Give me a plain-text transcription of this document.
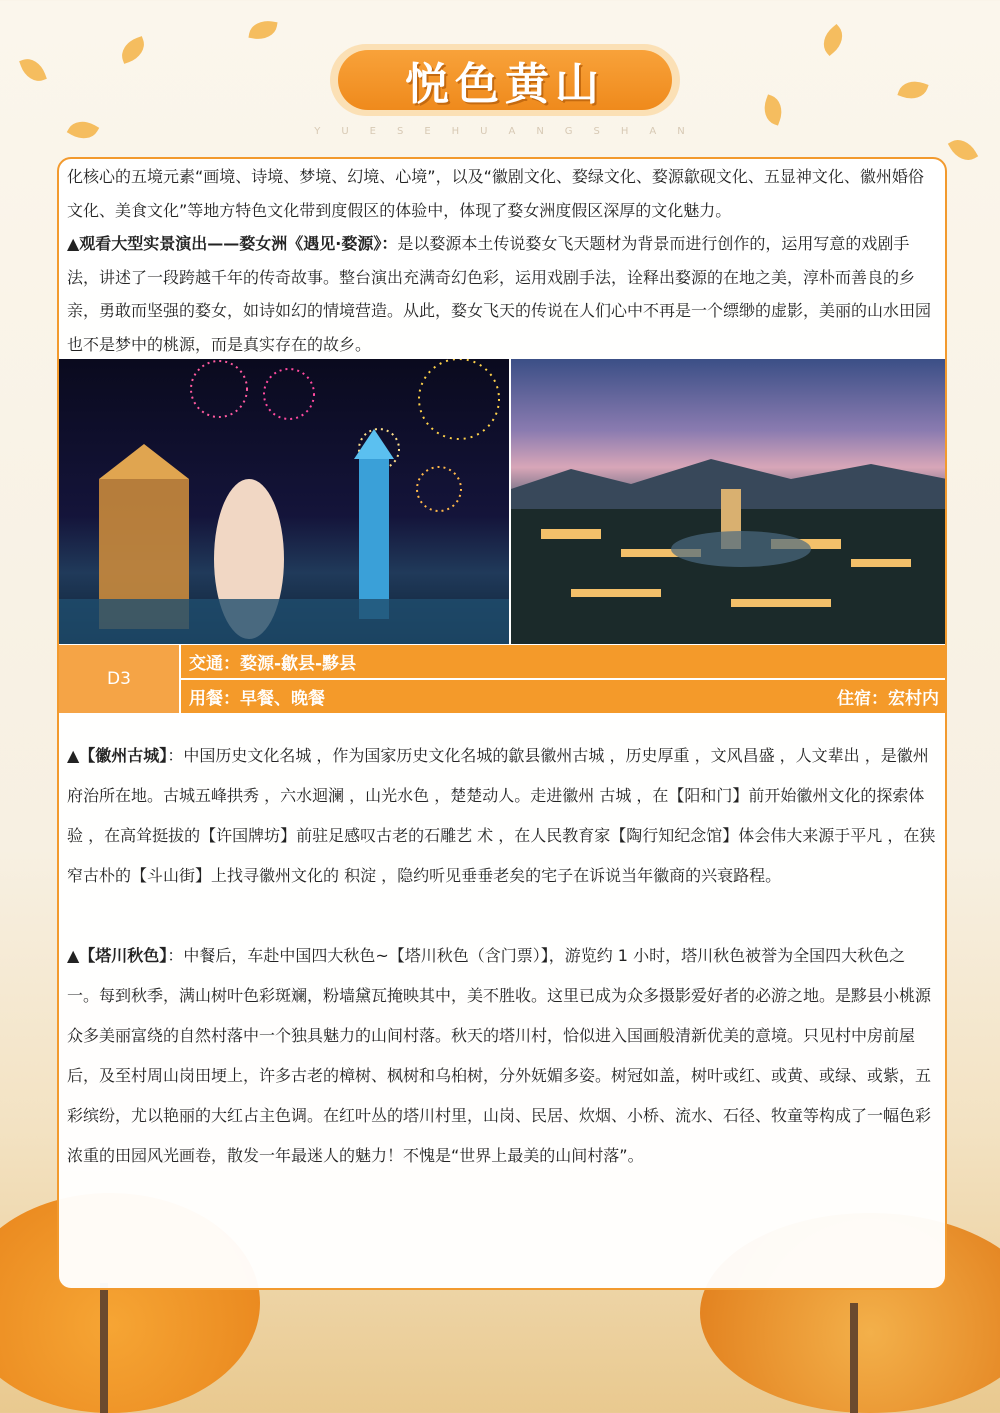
悦色黄山
YUESEHUANGSHAN
化核心的五境元素“画境、诗境、梦境、幻境、心境”，以及“徽剧文化、婺绿文化、婺源歙砚文化、五显神文化、徽州婚俗文化、美食文化”等地方特色文化带到度假区的体验中，体现了婺女洲度假区深厚的文化魅力。
▲观看大型实景演出——婺女洲《遇见·婺源》：是以婺源本土传说婺女飞天题材为背景而进行创作的，运用写意的戏剧手法，讲述了一段跨越千年的传奇故事。整台演出充满奇幻色彩，运用戏剧手法，诠释出婺源的在地之美，淳朴而善良的乡亲，勇敢而坚强的婺女，如诗如幻的情境营造。从此，婺女飞天的传说在人们心中不再是一个缥缈的虚影，美丽的山水田园也不是梦中的桃源，而是真实存在的故乡。
D3
交通：婺源-歙县-黟县
用餐：早餐、晚餐	住宿：宏村内
▲【徽州古城】：中国历史文化名城 ，作为国家历史文化名城的歙县徽州古城 ，历史厚重 ，文风昌盛 ，人文辈出 ，是徽州府治所在地。古城五峰拱秀 ，六水迴澜 ，山光水色 ，楚楚动人。走进徽州 古城 ，在【阳和门】前开始徽州文化的探索体验 ，在高耸挺拔的【许国牌坊】前驻足感叹古老的石雕艺 术 ，在人民教育家【陶行知纪念馆】体会伟大来源于平凡 ，在狭窄古朴的【斗山街】上找寻徽州文化的 积淀 ，隐约听见垂垂老矣的宅子在诉说当年徽商的兴衰路程。
▲【塔川秋色】：中餐后，车赴中国四大秋色~【塔川秋色（含门票）】，游览约 1 小时，塔川秋色被誉为全国四大秋色之一。每到秋季，满山树叶色彩斑斓，粉墙黛瓦掩映其中，美不胜收。这里已成为众多摄影爱好者的必游之地。是黟县小桃源众多美丽富绕的自然村落中一个独具魅力的山间村落。秋天的塔川村，恰似进入国画般清新优美的意境。只见村中房前屋后，及至村周山岗田埂上，许多古老的樟树、枫树和乌桕树，分外妩媚多姿。树冠如盖，树叶或红、或黄、或绿、或紫，五彩缤纷，尤以艳丽的大红占主色调。在红叶丛的塔川村里，山岗、民居、炊烟、小桥、流水、石径、牧童等构成了一幅色彩浓重的田园风光画卷，散发一年最迷人的魅力！不愧是“世界上最美的山间村落”。
